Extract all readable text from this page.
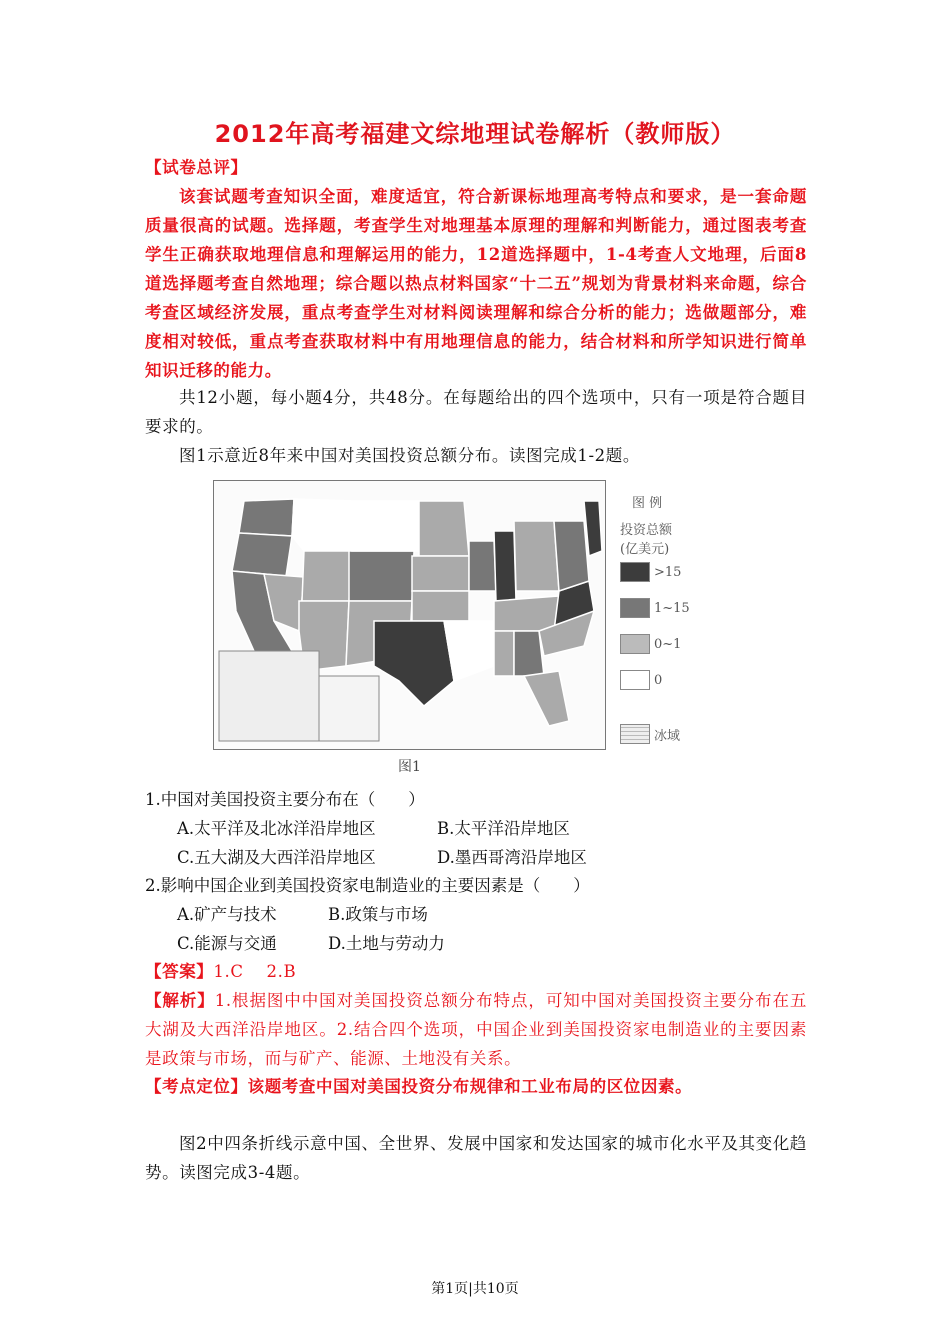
2012年高考福建文综地理试卷解析（教师版）
【试卷总评】
该套试题考查知识全面，难度适宜，符合新课标地理高考特点和要求，是一套命题质量很高的试题。选择题，考查学生对地理基本原理的理解和判断能力，通过图表考查学生正确获取地理信息和理解运用的能力，12道选择题中，1-4考查人文地理，后面8道选择题考查自然地理；综合题以热点材料国家“十二五”规划为背景材料来命题，综合考查区域经济发展，重点考查学生对材料阅读理解和综合分析的能力；选做题部分，难度相对较低，重点考查获取材料中有用地理信息的能力，结合材料和所学知识进行简单知识迁移的能力。
共12小题，每小题4分，共48分。在每题给出的四个选项中，只有一项是符合题目要求的。
图1示意近8年来中国对美国投资总额分布。读图完成1-2题。
图 例
投资总额
(亿美元)
>15
1~15
0~1
0
冰域
图1
1.中国对美国投资主要分布在（　　）
A.太平洋及北冰洋沿岸地区	B.太平洋沿岸地区
C.五大湖及大西洋沿岸地区	D.墨西哥湾沿岸地区
2.影响中国企业到美国投资家电制造业的主要因素是（　　）
A.矿产与技术	B.政策与市场
C.能源与交通	D.土地与劳动力
【答案】1.C　 2.B
【解析】1.根据图中中国对美国投资总额分布特点，可知中国对美国投资主要分布在五大湖及大西洋沿岸地区。2.结合四个选项，中国企业到美国投资家电制造业的主要因素是政策与市场，而与矿产、能源、土地没有关系。
【考点定位】该题考查中国对美国投资分布规律和工业布局的区位因素。
图2中四条折线示意中国、全世界、发展中国家和发达国家的城市化水平及其变化趋势。读图完成3-4题。
第1页|共10页
